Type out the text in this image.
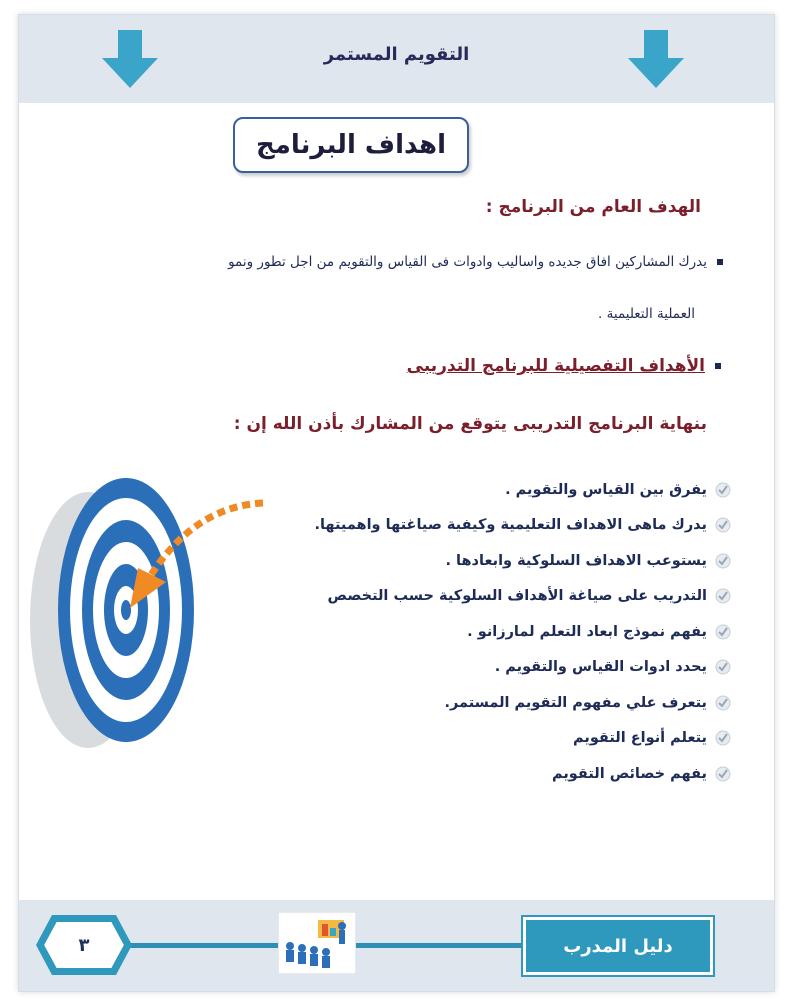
التقويم المستمر
اهداف البرنامج
الهدف العام من البرنامج :
يدرك المشاركين افاق جديده واساليب وادوات فى القياس والتقويم من اجل تطور ونمو
العملية التعليمية .
الأهداف التفصيلية للبرنامج التدريبى
بنهاية البرنامج التدريبى يتوقع من المشارك بأذن الله إن :
يفرق بين القياس والتقويم .
يدرك ماهى الاهداف التعليمية وكيفية صياغتها واهميتها.
يستوعب الاهداف السلوكية وابعادها .
التدريب على صياغة الأهداف السلوكية حسب التخصص
يفهم نموذج ابعاد التعلم لمارزانو .
يحدد ادوات القياس والتقويم .
يتعرف علي مفهوم التقويم المستمر.
يتعلم أنواع التقويم
يفهم خصائص التقويم
٣	دليل المدرب
